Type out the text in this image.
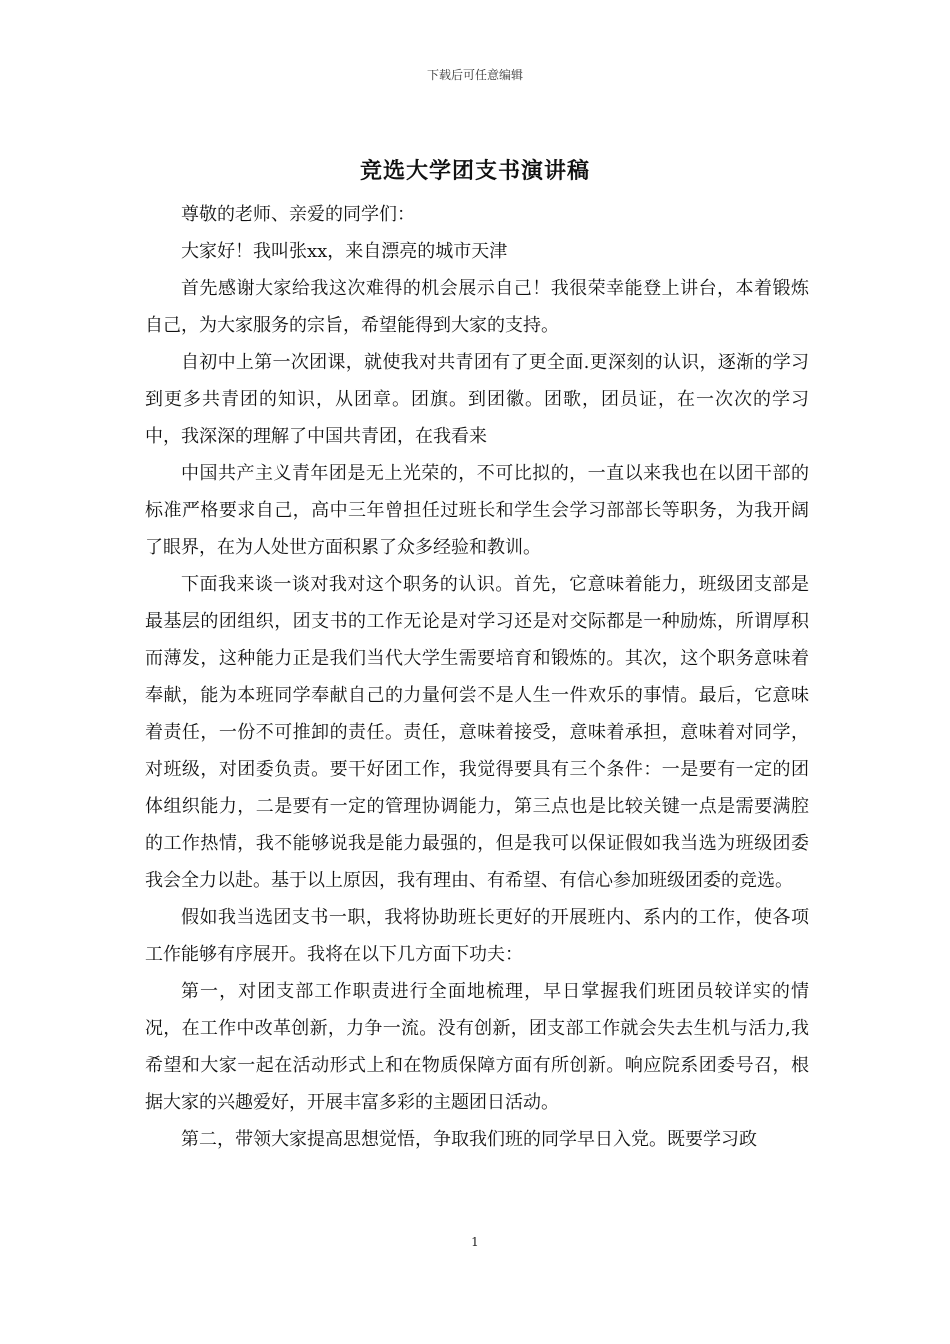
下载后可任意编辑
竞选大学团支书演讲稿

尊敬的老师、亲爱的同学们：

大家好！我叫张xx，来自漂亮的城市天津

首先感谢大家给我这次难得的机会展示自己！我很荣幸能登上讲台，本着锻炼自己，为大家服务的宗旨，希望能得到大家的支持。

自初中上第一次团课，就使我对共青团有了更全面.更深刻的认识，逐渐的学习到更多共青团的知识，从团章。团旗。到团徽。团歌，团员证，在一次次的学习中，我深深的理解了中国共青团，在我看来

中国共产主义青年团是无上光荣的，不可比拟的，一直以来我也在以团干部的标准严格要求自己，高中三年曾担任过班长和学生会学习部部长等职务，为我开阔了眼界，在为人处世方面积累了众多经验和教训。

下面我来谈一谈对我对这个职务的认识。首先，它意味着能力，班级团支部是最基层的团组织，团支书的工作无论是对学习还是对交际都是一种励炼，所谓厚积而薄发，这种能力正是我们当代大学生需要培育和锻炼的。其次，这个职务意味着奉献，能为本班同学奉献自己的力量何尝不是人生一件欢乐的事情。最后，它意味着责任，一份不可推卸的责任。责任，意味着接受，意味着承担，意味着对同学，对班级，对团委负责。要干好团工作，我觉得要具有三个条件：一是要有一定的团体组织能力，二是要有一定的管理协调能力，第三点也是比较关键一点是需要满腔的工作热情，我不能够说我是能力最强的，但是我可以保证假如我当选为班级团委我会全力以赴。基于以上原因，我有理由、有希望、有信心参加班级团委的竞选。

假如我当选团支书一职，我将协助班长更好的开展班内、系内的工作，使各项工作能够有序展开。我将在以下几方面下功夫：

第一，对团支部工作职责进行全面地梳理，早日掌握我们班团员较详实的情况，在工作中改革创新，力争一流。没有创新，团支部工作就会失去生机与活力,我希望和大家一起在活动形式上和在物质保障方面有所创新。响应院系团委号召，根据大家的兴趣爱好，开展丰富多彩的主题团日活动。

第二，带领大家提高思想觉悟，争取我们班的同学早日入党。既要学习政

1
